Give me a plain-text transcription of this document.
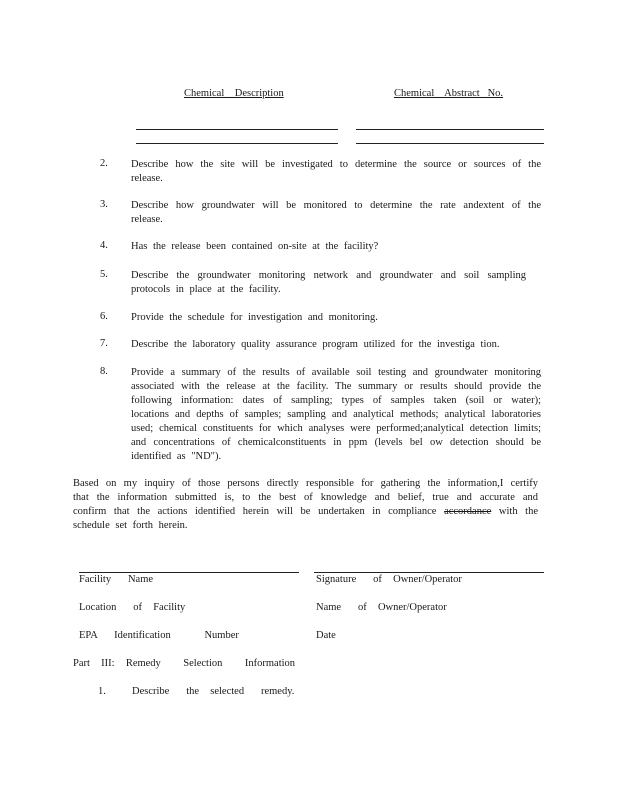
Chemical    Description	Chemical    Abstract   No.
2.	Describe how the site will be investigated to determine the source or sources of the release.
3.	Describe how groundwater will be monitored to determine the rate andextent of the release.
4.	Has the release been contained on-site at the facility?
5.	Describe the groundwater monitoring network and groundwater and soil sampling protocols in place at the facility.
6.	Provide the schedule for investigation and monitoring.
7.	Describe the laboratory quality assurance program utilized for the investiga tion.
8.	Provide a summary of the results of available soil testing and groundwater monitoring associated with the release at the facility. The summary or results should provide the following information: dates of sampling; types of samples taken (soil or water); locations and depths of samples; sampling and analytical methods; analytical laboratories used; chemical constituents for which analyses were performed;analytical detection limits; and concentrations of chemicalconstituents in ppm (levels bel ow detection should be identified as "ND").
Based on my inquiry of those persons directly responsible for gathering the information,I certify that the information submitted is, to the best of knowledge and belief, true and accurate and confirm that the actions identified herein will be undertaken in compliance accordance with the schedule set forth herein.
Facility   Name	Signature   of  Owner/Operator
Location   of  Facility	Name   of  Owner/Operator
EPA   Identification      Number	Date
Part  III:  Remedy    Selection    Information
1. Describe   the  selected   remedy.
